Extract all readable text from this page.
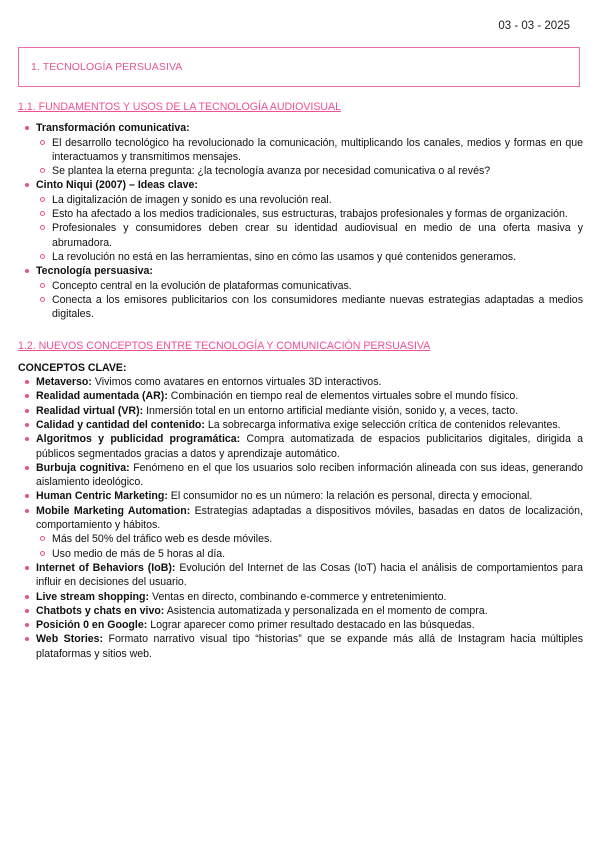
03 - 03 - 2025
1. TECNOLOGÍA PERSUASIVA
1.1. FUNDAMENTOS Y USOS DE LA TECNOLOGÍA AUDIOVISUAL
Transformación comunicativa:
El desarrollo tecnológico ha revolucionado la comunicación, multiplicando los canales, medios y formas en que interactuamos y transmitimos mensajes.
Se plantea la eterna pregunta: ¿la tecnología avanza por necesidad comunicativa o al revés?
Cinto Niqui (2007) – Ideas clave:
La digitalización de imagen y sonido es una revolución real.
Esto ha afectado a los medios tradicionales, sus estructuras, trabajos profesionales y formas de organización.
Profesionales y consumidores deben crear su identidad audiovisual en medio de una oferta masiva y abrumadora.
La revolución no está en las herramientas, sino en cómo las usamos y qué contenidos generamos.
Tecnología persuasiva:
Concepto central en la evolución de plataformas comunicativas.
Conecta a los emisores publicitarios con los consumidores mediante nuevas estrategias adaptadas a medios digitales.
1.2. NUEVOS CONCEPTOS ENTRE TECNOLOGÍA Y COMUNICACIÓN PERSUASIVA
CONCEPTOS CLAVE:
Metaverso: Vivimos como avatares en entornos virtuales 3D interactivos.
Realidad aumentada (AR): Combinación en tiempo real de elementos virtuales sobre el mundo físico.
Realidad virtual (VR): Inmersión total en un entorno artificial mediante visión, sonido y, a veces, tacto.
Calidad y cantidad del contenido: La sobrecarga informativa exige selección crítica de contenidos relevantes.
Algoritmos y publicidad programática: Compra automatizada de espacios publicitarios digitales, dirigida a públicos segmentados gracias a datos y aprendizaje automático.
Burbuja cognitiva: Fenómeno en el que los usuarios solo reciben información alineada con sus ideas, generando aislamiento ideológico.
Human Centric Marketing: El consumidor no es un número: la relación es personal, directa y emocional.
Mobile Marketing Automation: Estrategias adaptadas a dispositivos móviles, basadas en datos de localización, comportamiento y hábitos.
Más del 50% del tráfico web es desde móviles.
Uso medio de más de 5 horas al día.
Internet of Behaviors (IoB): Evolución del Internet de las Cosas (IoT) hacia el análisis de comportamientos para influir en decisiones del usuario.
Live stream shopping: Ventas en directo, combinando e-commerce y entretenimiento.
Chatbots y chats en vivo: Asistencia automatizada y personalizada en el momento de compra.
Posición 0 en Google: Lograr aparecer como primer resultado destacado en las búsquedas.
Web Stories: Formato narrativo visual tipo “historias” que se expande más allá de Instagram hacia múltiples plataformas y sitios web.
